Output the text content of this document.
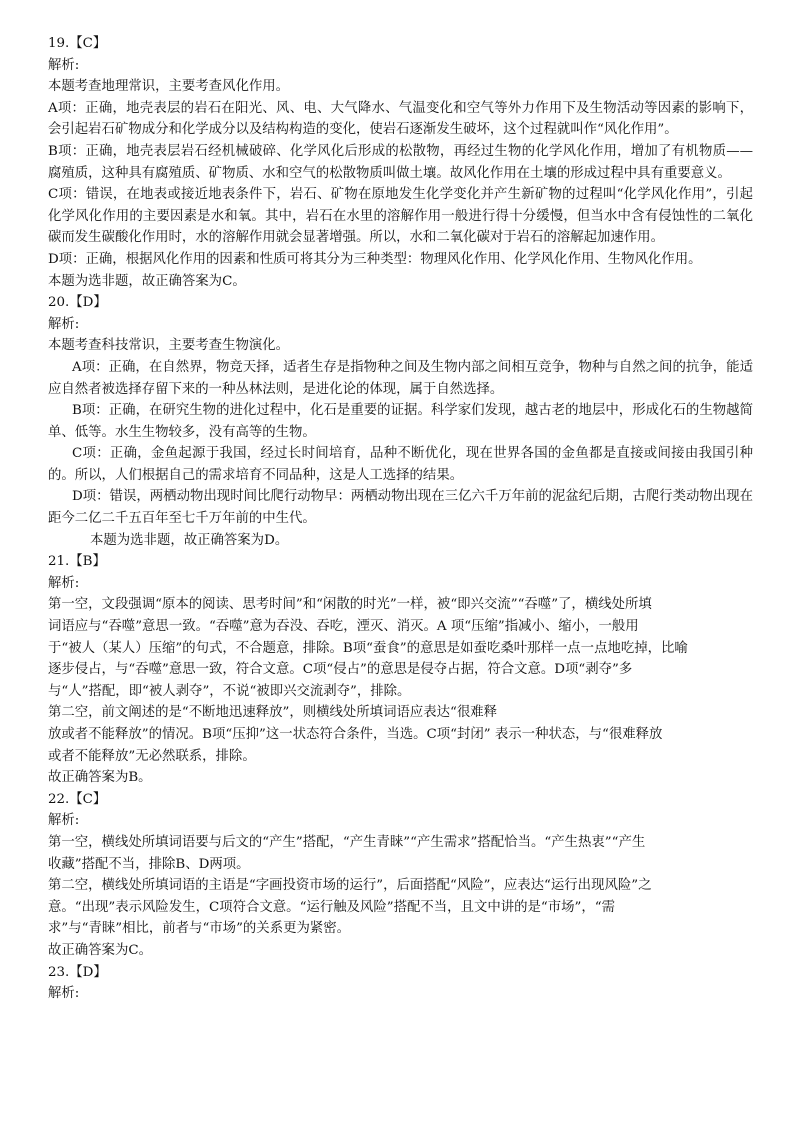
19.【C】
解析:
本题考查地理常识，主要考查风化作用。
A项：正确，地壳表层的岩石在阳光、风、电、大气降水、气温变化和空气等外力作用下及生物活动等因素的影响下，会引起岩石矿物成分和化学成分以及结构构造的变化，使岩石逐渐发生破坏，这个过程就叫作“风化作用”。
B项：正确，地壳表层岩石经机械破碎、化学风化后形成的松散物，再经过生物的化学风化作用，增加了有机物质——腐殖质，这种具有腐殖质、矿物质、水和空气的松散物质叫做土壤。故风化作用在土壤的形成过程中具有重要意义。
C项：错误，在地表或接近地表条件下，岩石、矿物在原地发生化学变化并产生新矿物的过程叫“化学风化作用”，引起化学风化作用的主要因素是水和氧。其中，岩石在水里的溶解作用一般进行得十分缓慢，但当水中含有侵蚀性的二氧化碳而发生碳酸化作用时，水的溶解作用就会显著增强。所以，水和二氧化碳对于岩石的溶解起加速作用。
D项：正确，根据风化作用的因素和性质可将其分为三种类型：物理风化作用、化学风化作用、生物风化作用。
本题为选非题，故正确答案为C。
20.【D】
解析:
本题考查科技常识，主要考查生物演化。
A项：正确，在自然界，物竞天择，适者生存是指物种之间及生物内部之间相互竞争，物种与自然之间的抗争，能适应自然者被选择存留下来的一种丛林法则，是进化论的体现，属于自然选择。
B项：正确，在研究生物的进化过程中，化石是重要的证据。科学家们发现，越古老的地层中，形成化石的生物越简单、低等。水生生物较多，没有高等的生物。
C项：正确，金鱼起源于我国，经过长时间培育，品种不断优化，现在世界各国的金鱼都是直接或间接由我国引种的。所以，人们根据自己的需求培育不同品种，这是人工选择的结果。
D项：错误，两栖动物出现时间比爬行动物早：两栖动物出现在三亿六千万年前的泥盆纪后期，古爬行类动物出现在距今二亿二千五百年至七千万年前的中生代。
本题为选非题，故正确答案为D。
21.【B】
解析:
第一空，文段强调“原本的阅读、思考时间”和“闲散的时光”一样，被“即兴交流”“吞噬”了，横线处所填
词语应与“吞噬”意思一致。“吞噬”意为吞没、吞吃，湮灭、消灭。A 项“压缩”指减小、缩小，一般用
于“被人（某人）压缩”的句式，不合题意，排除。B项“蚕食”的意思是如蚕吃桑叶那样一点一点地吃掉，比喻
逐步侵占，与“吞噬”意思一致，符合文意。C项“侵占”的意思是侵夺占据，符合文意。D项“剥夺”多
与“人”搭配，即“被人剥夺”，不说“被即兴交流剥夺”，排除。
第二空，前文阐述的是“不断地迅速释放”，则横线处所填词语应表达“很难释
放或者不能释放”的情况。B项“压抑”这一状态符合条件，当选。C项“封闭” 表示一种状态，与“很难释放
或者不能释放”无必然联系，排除。
故正确答案为B。
22.【C】
解析:
第一空，横线处所填词语要与后文的“产生”搭配，“产生青睐”“产生需求”搭配恰当。“产生热衷”“产生
收藏”搭配不当，排除B、D两项。
第二空，横线处所填词语的主语是“字画投资市场的运行”，后面搭配“风险”，应表达“运行出现风险”之
意。“出现”表示风险发生，C项符合文意。“运行触及风险”搭配不当，且文中讲的是“市场”，“需
求”与“青睐”相比，前者与“市场”的关系更为紧密。
故正确答案为C。
23.【D】
解析:
